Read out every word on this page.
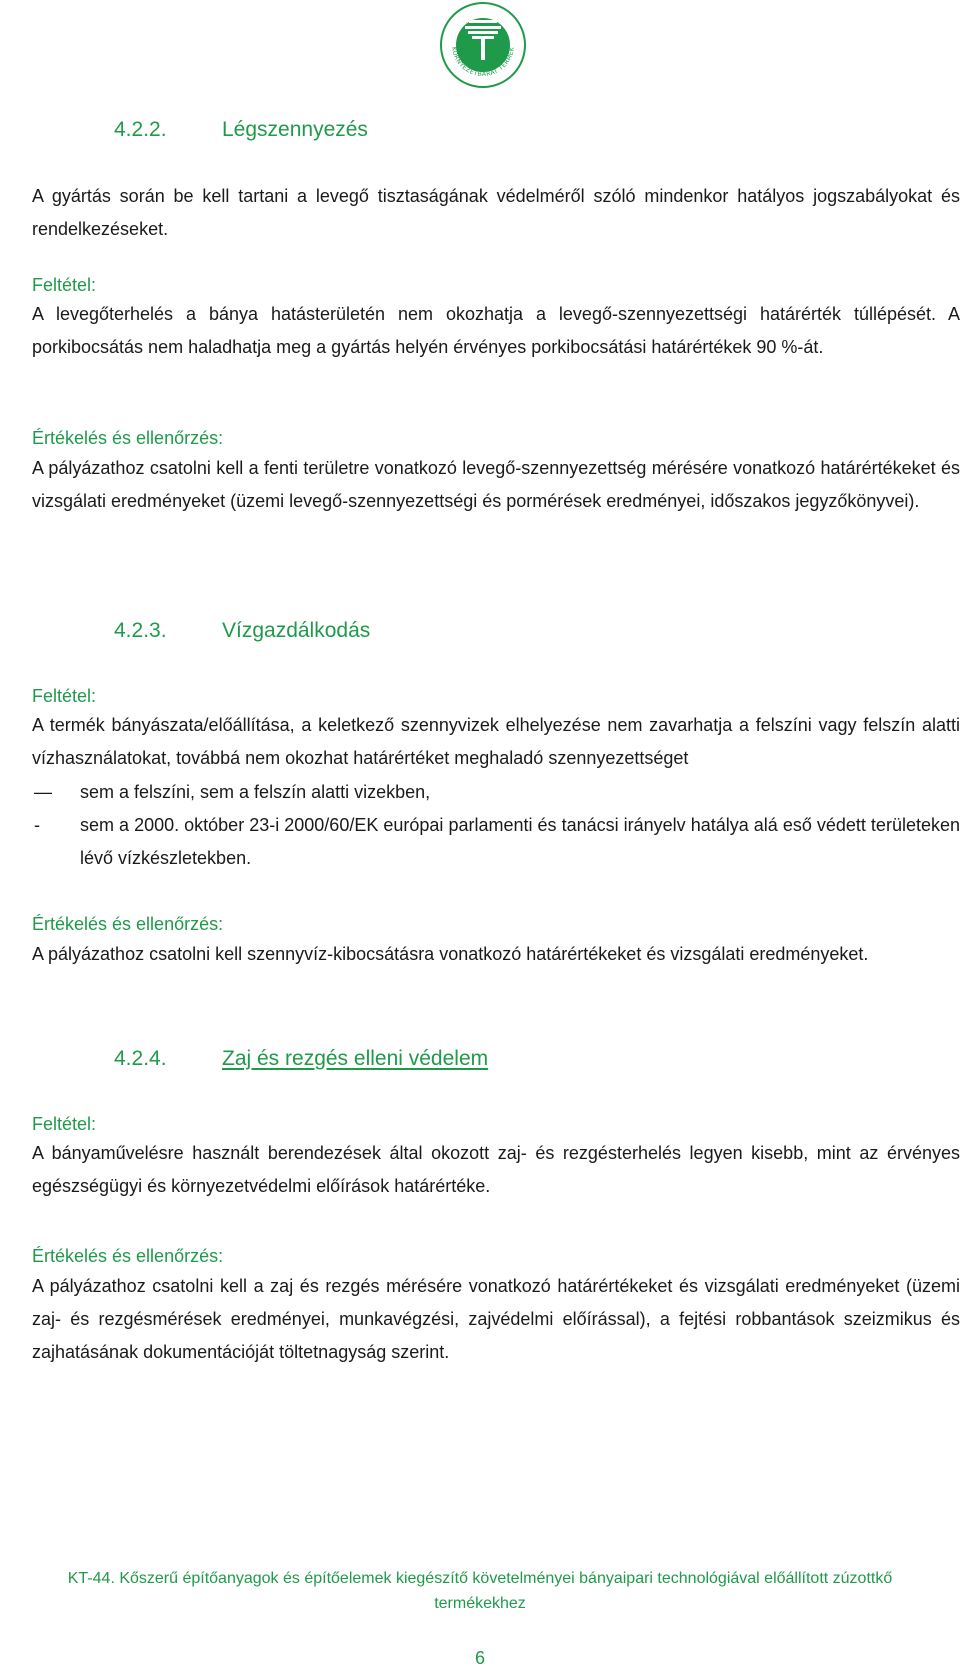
KÖRNYEZETBARÁT TERMÉK
4.2.2.	Légszennyezés
A gyártás során be kell tartani a levegő tisztaságának védelméről szóló mindenkor hatályos jogszabályokat és rendelkezéseket.
Feltétel:
A levegőterhelés a bánya hatásterületén nem okozhatja a levegő-szennyezettségi határérték túllépését. A porkibocsátás nem haladhatja meg a gyártás helyén érvényes porkibocsátási határértékek 90 %-át.
Értékelés és ellenőrzés:
A pályázathoz csatolni kell a fenti területre vonatkozó levegő-szennyezettség mérésére vonatkozó határértékeket és vizsgálati eredményeket (üzemi levegő-szennyezettségi és pormérések eredményei, időszakos jegyzőkönyvei).
4.2.3.	Vízgazdálkodás
Feltétel:
A termék bányászata/előállítása, a keletkező szennyvizek elhelyezése nem zavarhatja a felszíni vagy felszín alatti vízhasználatokat, továbbá nem okozhat határértéket meghaladó szennyezettséget
—	sem a felszíni, sem a felszín alatti vizekben,
-	sem a 2000. október 23-i 2000/60/EK európai parlamenti és tanácsi irányelv hatálya alá eső védett területeken lévő vízkészletekben.
Értékelés és ellenőrzés:
A pályázathoz csatolni kell szennyvíz-kibocsátásra vonatkozó határértékeket és vizsgálati eredményeket.
4.2.4.	Zaj és rezgés elleni védelem
Feltétel:
A bányaművelésre használt berendezések által okozott zaj- és rezgésterhelés legyen kisebb, mint az érvényes egészségügyi és környezetvédelmi előírások határértéke.
Értékelés és ellenőrzés:
A pályázathoz csatolni kell a zaj és rezgés mérésére vonatkozó határértékeket és vizsgálati eredményeket (üzemi zaj- és rezgésmérések eredményei, munkavégzési, zajvédelmi előírással), a fejtési robbantások szeizmikus és zajhatásának dokumentációját töltetnagyság szerint.
KT-44. Kőszerű építőanyagok és építőelemek kiegészítő követelményei bányaipari technológiával előállított zúzottkő
termékekhez
6
